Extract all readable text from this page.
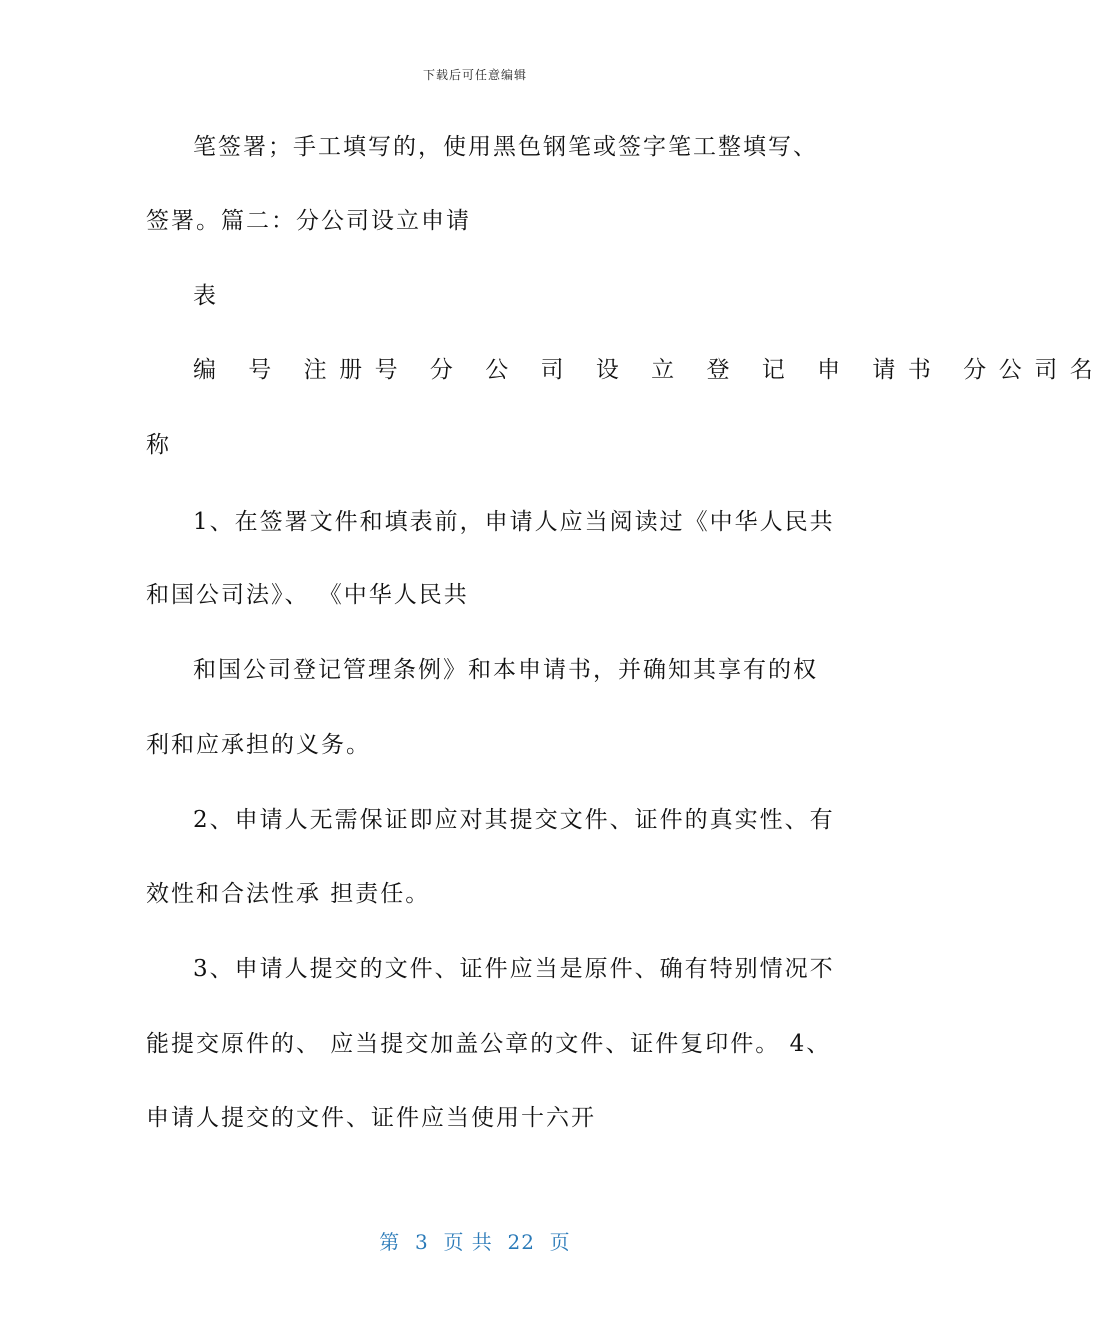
下载后可任意编辑
笔签署；手工填写的，使用黑色钢笔或签字笔工整填写、
签署。篇二：分公司设立申请
表
编 号 注册号 分 公 司 设 立 登 记 申 请书 分公司名
称
1、在签署文件和填表前，申请人应当阅读过《中华人民共
和国公司法》、 《中华人民共
和国公司登记管理条例》和本申请书，并确知其享有的权
利和应承担的义务。
2、申请人无需保证即应对其提交文件、证件的真实性、有
效性和合法性承 担责任。
3、申请人提交的文件、证件应当是原件、确有特别情况不
能提交原件的、 应当提交加盖公章的文件、证件复印件。 4、
申请人提交的文件、证件应当使用十六开
第  3  页 共  22  页
